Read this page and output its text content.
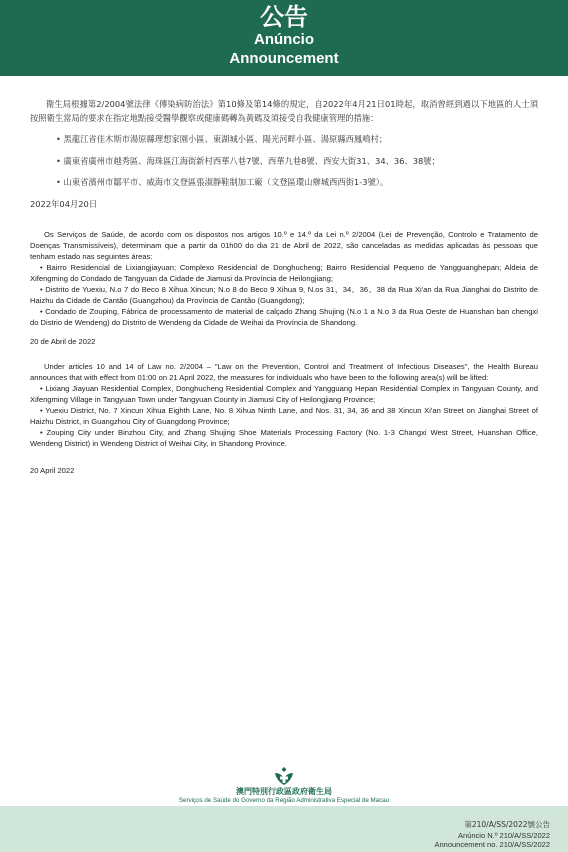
公告
Anúncio
Announcement

衛生局根據第2/2004號法律《傳染病防治法》第10條及第14條的規定，自2022年4月21日01時起，取消曾經到過以下地區的人士須按照衛生當局的要求在指定地點接受醫學觀察或健康碼轉為黃碼及須接受自我健康管理的措施：

• 黑龍江省佳木斯市湯原縣理想家園小區、東湖城小區、陽光河畔小區、湯原縣西鳳鳴村；

• 廣東省廣州市越秀區、海珠區江海街新村西華八巷7號、西華九巷8號、西安大街31、34、36、38號；

• 山東省濱州市鄒平市、威海市文登區張淑靜鞋制加工廠（文登區環山辦城西西街1-3號）。

2022年04月20日

Os Serviços de Saúde, de acordo com os dispostos nos artigos 10.º e 14.º da Lei n.º 2/2004 (Lei de Prevenção, Controlo e Tratamento de Doenças Transmissíveis), determinam que a partir da 01h00 do dia 21 de Abril de 2022, são canceladas as medidas aplicadas às pessoas que tenham estado nas seguintes áreas:

• Bairro Residencial de Lixiangjiayuan; Complexo Residencial de Donghucheng; Bairro Residencial Pequeno de Yangguanghepan; Aldeia de Xifengming do Condado de Tangyuan da Cidade de Jiamusi da Província de Heilongjiang;

• Distrito de Yuexiu, N.o 7 do Beco 8 Xihua Xincun; N.o 8 do Beco 9 Xihua 9, N.os 31、34、36、38 da Rua Xi'an da Rua Jianghai do Distrito de Haizhu da Cidade de Cantão (Guangzhou) da Província de Cantão (Guangdong);

• Condado de Zouping, Fábrica de processamento de material de calçado Zhang Shujing (N.o 1 a N.o 3 da Rua Oeste de Huanshan ban chengxi do Distrio de Wendeng) do Distrito de Wendeng da Cidade de Weihai da Província de Shandong.

20 de Abril de 2022

Under articles 10 and 14 of Law no. 2/2004 – "Law on the Prevention, Control and Treatment of Infectious Diseases", the Health Bureau announces that with effect from 01:00 on 21 April 2022, the measures for individuals who have been to the following area(s) will be lifted:

• Lixiang Jiayuan Residential Complex, Donghucheng Residential Complex and Yangguang Hepan Residential Complex in Tangyuan County, and Xifengming Village in Tangyuan Town under Tangyuan County in Jiamusi City of Heilongjiang Province;

• Yuexiu District, No. 7 Xincun Xihua Eighth Lane, No. 8 Xihua Ninth Lane, and Nos. 31, 34, 36 and 38 Xincun Xi'an Street on Jianghai Street of Haizhu District, in Guangzhou City of Guangdong Province;

• Zouping City under Binzhou City, and Zhang Shujing Shoe Materials Processing Factory (No. 1-3 Changxi West Street, Huanshan Office, Wendeng District) in Wendeng District of Weihai City, in Shandong Province.

20 April 2022

澳門特別行政區政府衛生局
Serviços de Saúde do Governo da Região Administrativa Especial de Macau
第210/A/SS/2022號公告
Anúncio N.º 210/A/SS/2022
Announcement no. 210/A/SS/2022
